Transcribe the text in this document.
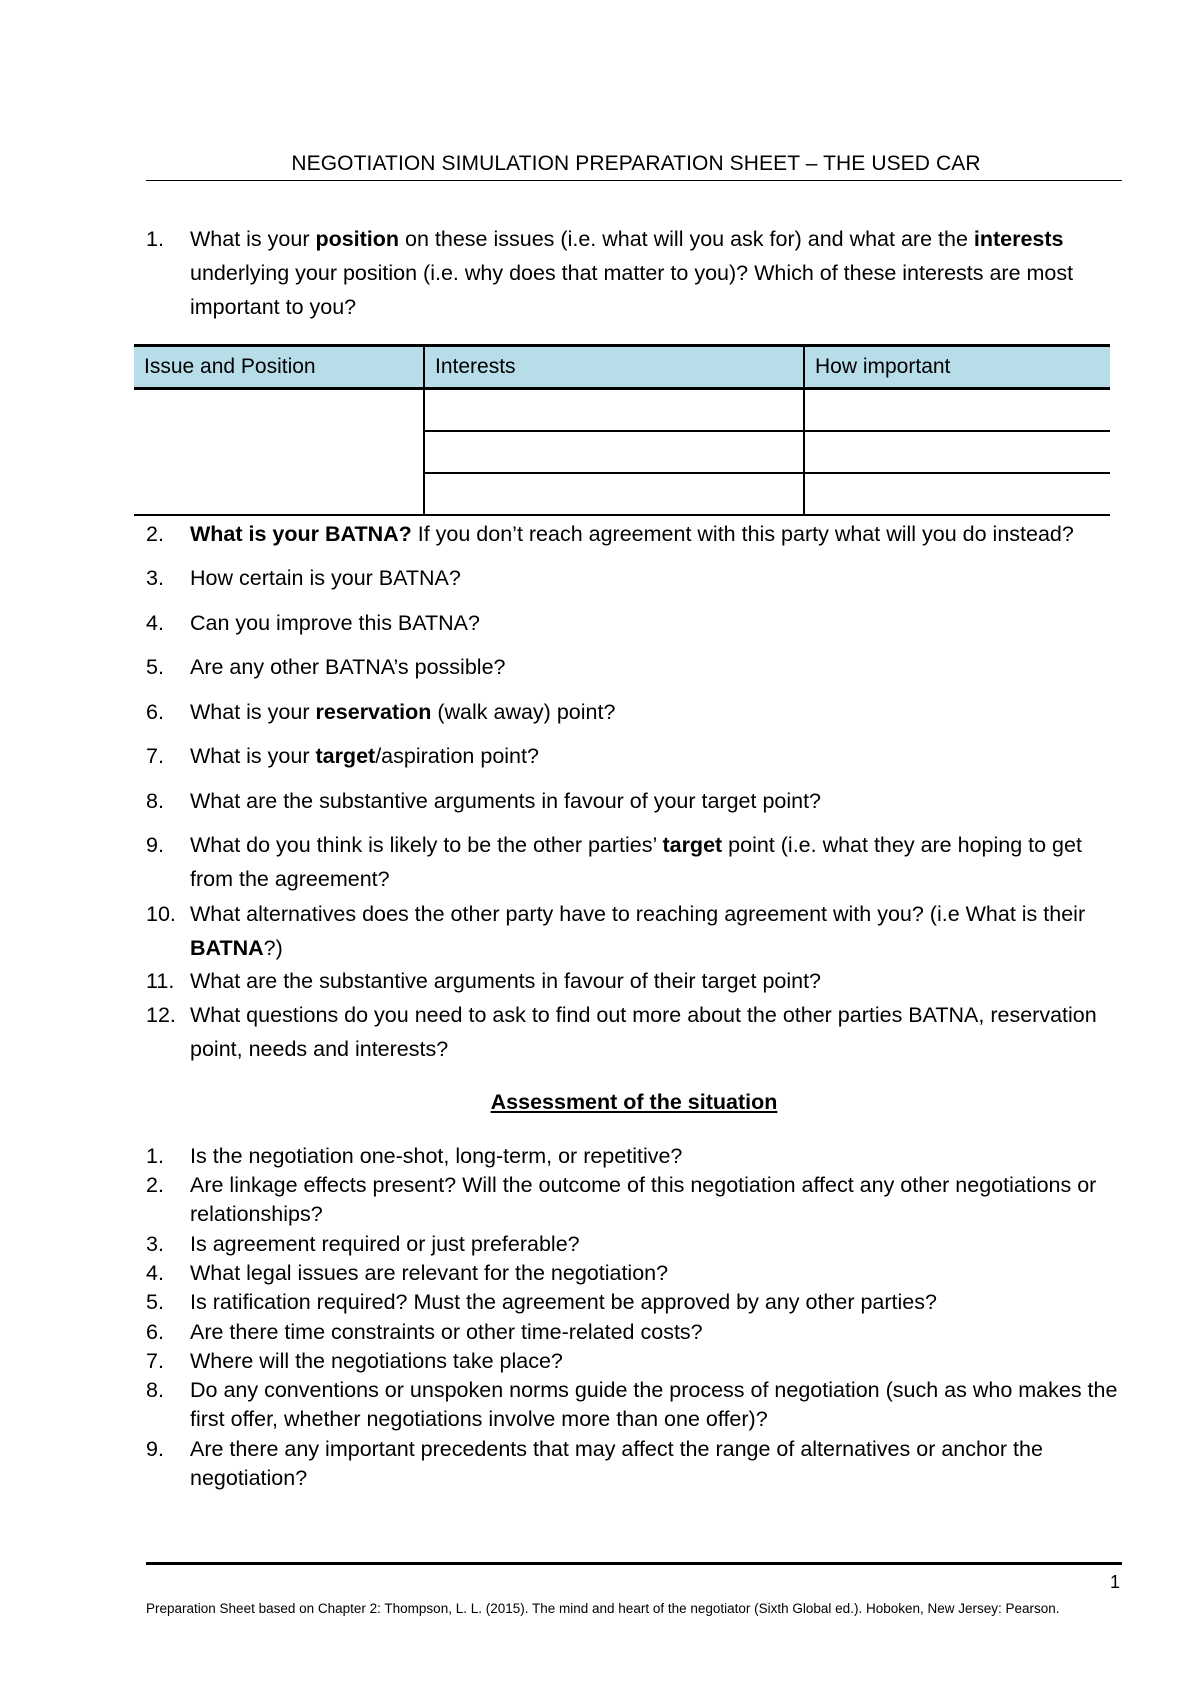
NEGOTIATION SIMULATION PREPARATION SHEET – THE USED CAR
1.	What is your position on these issues (i.e. what will you ask for) and what are the interests underlying your position (i.e. why does that matter to you)? Which of these interests are most important to you?
Issue and Position	Interests	How important

2.	What is your BATNA? If you don’t reach agreement with this party what will you do instead?
3.	How certain is your BATNA?
4.	Can you improve this BATNA?
5.	Are any other BATNA’s possible?
6.	What is your reservation (walk away) point?
7.	What is your target/aspiration point?
8.	What are the substantive arguments in favour of your target point?
9.	What do you think is likely to be the other parties’ target point (i.e. what they are hoping to get from the agreement?
10. What alternatives does the other party have to reaching agreement with you? (i.e What is their BATNA?)
11. What are the substantive arguments in favour of their target point?
12. What questions do you need to ask to find out more about the other parties BATNA, reservation point, needs and interests?
Assessment of the situation
1.	Is the negotiation one-shot, long-term, or repetitive?
2.	Are linkage effects present? Will the outcome of this negotiation affect any other negotiations or relationships?
3.	Is agreement required or just preferable?
4.	What legal issues are relevant for the negotiation?
5.	Is ratification required? Must the agreement be approved by any other parties?
6.	Are there time constraints or other time-related costs?
7.	Where will the negotiations take place?
8.	Do any conventions or unspoken norms guide the process of negotiation (such as who makes the first offer, whether negotiations involve more than one offer)?
9.	Are there any important precedents that may affect the range of alternatives or anchor the negotiation?
1
Preparation Sheet based on Chapter 2: Thompson, L. L. (2015). The mind and heart of the negotiator (Sixth Global ed.). Hoboken, New Jersey: Pearson.
